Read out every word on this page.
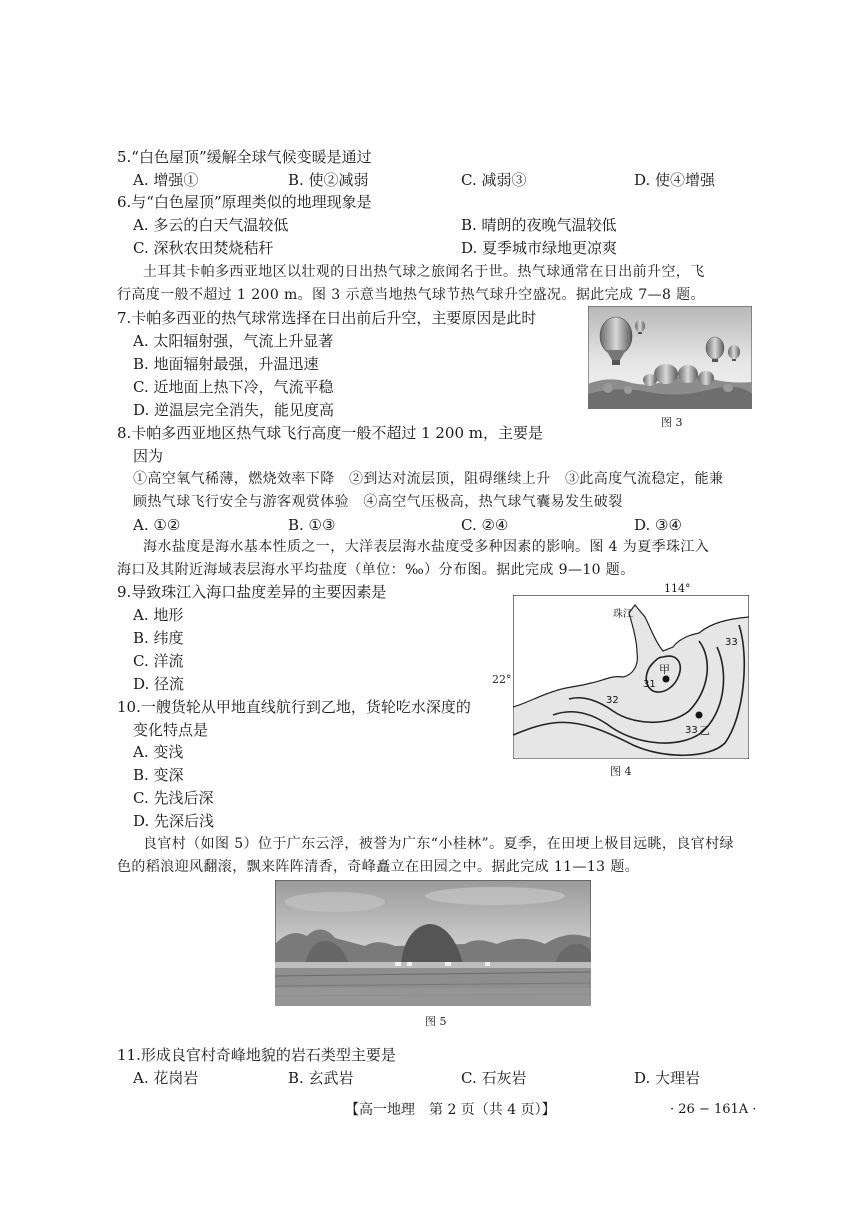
5.“白色屋顶”缓解全球气候变暖是通过
A. 增强①	B. 使②减弱	C. 减弱③	D. 使④增强
6.与“白色屋顶”原理类似的地理现象是
A. 多云的白天气温较低	B. 晴朗的夜晚气温较低
C. 深秋农田焚烧秸秆	D. 夏季城市绿地更凉爽
土耳其卡帕多西亚地区以壮观的日出热气球之旅闻名于世。热气球通常在日出前升空，飞
行高度一般不超过 1 200 m。图 3 示意当地热气球节热气球升空盛况。据此完成 7—8 题。
7.卡帕多西亚的热气球常选择在日出前后升空，主要原因是此时
A. 太阳辐射强，气流上升显著
B. 地面辐射最强，升温迅速
C. 近地面上热下冷，气流平稳
D. 逆温层完全消失，能见度高
图 3
8.卡帕多西亚地区热气球飞行高度一般不超过 1 200 m，主要是
因为
①高空氧气稀薄，燃烧效率下降　②到达对流层顶，阻碍继续上升　③此高度气流稳定，能兼
顾热气球飞行安全与游客观赏体验　④高空气压极高，热气球气囊易发生破裂
A. ①②	B. ①③	C. ②④	D. ③④
海水盐度是海水基本性质之一，大洋表层海水盐度受多种因素的影响。图 4 为夏季珠江入
海口及其附近海域表层海水平均盐度（单位：‰）分布图。据此完成 9—10 题。
9.导致珠江入海口盐度差异的主要因素是
A. 地形
B. 纬度
C. 洋流
D. 径流
114°
22°
珠江
甲
乙
31
32
33
33
图 4
10.一艘货轮从甲地直线航行到乙地，货轮吃水深度的
变化特点是
A. 变浅
B. 变深
C. 先浅后深
D. 先深后浅
良官村（如图 5）位于广东云浮，被誉为广东“小桂林”。夏季，在田埂上极目远眺，良官村绿
色的稻浪迎风翻滚，飘来阵阵清香，奇峰矗立在田园之中。据此完成 11—13 题。
图 5
11.形成良官村奇峰地貌的岩石类型主要是
A. 花岗岩	B. 玄武岩	C. 石灰岩	D. 大理岩
【高一地理　第 2 页（共 4 页）】	· 26 − 161A ·
